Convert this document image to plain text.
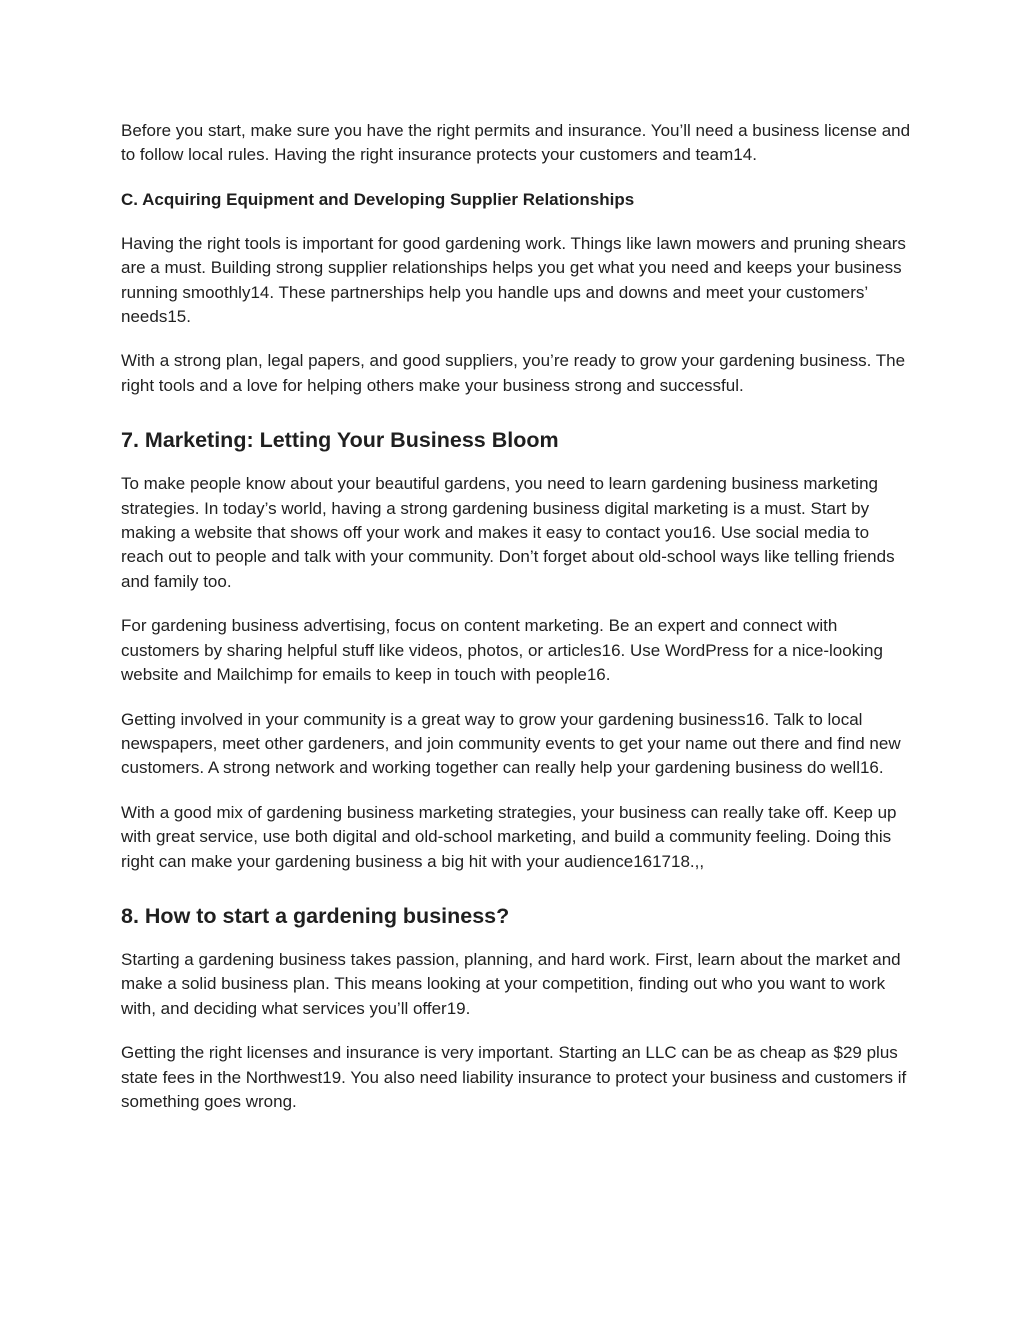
Before you start, make sure you have the right permits and insurance. You’ll need a business license and to follow local rules. Having the right insurance protects your customers and team14.

C. Acquiring Equipment and Developing Supplier Relationships

Having the right tools is important for good gardening work. Things like lawn mowers and pruning shears are a must. Building strong supplier relationships helps you get what you need and keeps your business running smoothly14. These partnerships help you handle ups and downs and meet your customers’ needs15.

With a strong plan, legal papers, and good suppliers, you’re ready to grow your gardening business. The right tools and a love for helping others make your business strong and successful.

7. Marketing: Letting Your Business Bloom

To make people know about your beautiful gardens, you need to learn gardening business marketing strategies. In today’s world, having a strong gardening business digital marketing is a must. Start by making a website that shows off your work and makes it easy to contact you16. Use social media to reach out to people and talk with your community. Don’t forget about old-school ways like telling friends and family too.

For gardening business advertising, focus on content marketing. Be an expert and connect with customers by sharing helpful stuff like videos, photos, or articles16. Use WordPress for a nice-looking website and Mailchimp for emails to keep in touch with people16.

Getting involved in your community is a great way to grow your gardening business16. Talk to local newspapers, meet other gardeners, and join community events to get your name out there and find new customers. A strong network and working together can really help your gardening business do well16.

With a good mix of gardening business marketing strategies, your business can really take off. Keep up with great service, use both digital and old-school marketing, and build a community feeling. Doing this right can make your gardening business a big hit with your audience161718.,,

8. How to start a gardening business?

Starting a gardening business takes passion, planning, and hard work. First, learn about the market and make a solid business plan. This means looking at your competition, finding out who you want to work with, and deciding what services you’ll offer19.

Getting the right licenses and insurance is very important. Starting an LLC can be as cheap as $29 plus state fees in the Northwest19. You also need liability insurance to protect your business and customers if something goes wrong.
